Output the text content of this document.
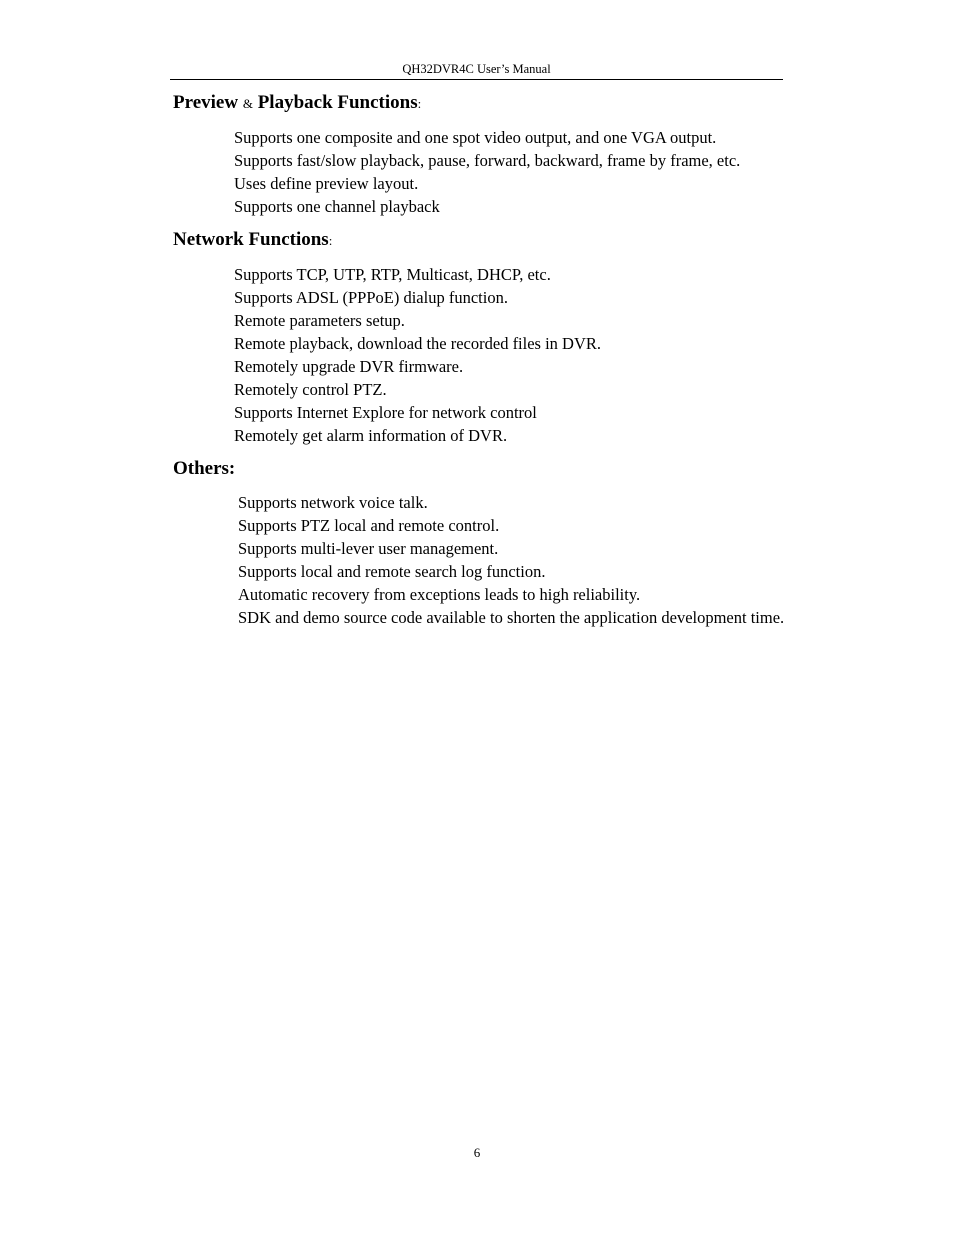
QH32DVR4C User’s Manual
Preview & Playback Functions:
Supports one composite and one spot video output, and one VGA output.
Supports fast/slow playback, pause, forward, backward, frame by frame, etc.
Uses define preview layout.
Supports one channel playback
Network Functions:
Supports TCP, UTP, RTP, Multicast, DHCP, etc.
Supports ADSL (PPPoE) dialup function.
Remote parameters setup.
Remote playback, download the recorded files in DVR.
Remotely upgrade DVR firmware.
Remotely control PTZ.
Supports Internet Explore for network control
Remotely get alarm information of DVR.
Others:
Supports network voice talk.
Supports PTZ local and remote control.
Supports multi-lever user management.
Supports local and remote search log function.
Automatic recovery from exceptions leads to high reliability.
SDK and demo source code available to shorten the application development time.
6
